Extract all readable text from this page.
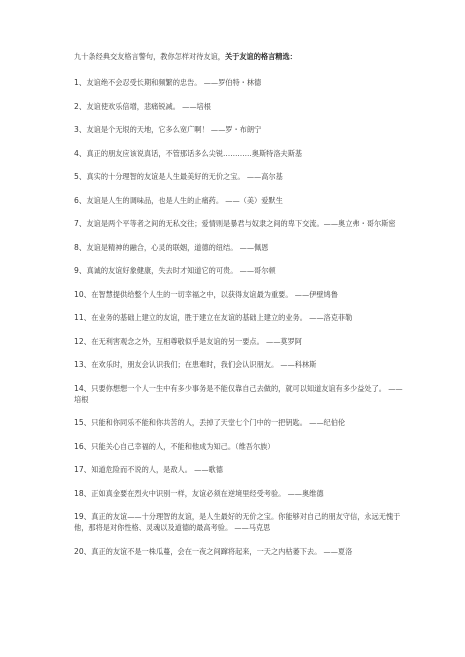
九十条经典交友格言警句，教你怎样对待友谊，关于友谊的格言精选：

1、友谊绝不会忍受长期和频繁的忠告。 ——罗伯特・林德

2、友谊使欢乐倍增，悲痛锐减。 ——培根

3、友谊是个无垠的天地，它多么宽广啊！ ——罗・布朗宁

4、真正的朋友应该说真话，不管那话多么尖锐…………奥斯特洛夫斯基

5、真实的十分理智的友谊是人生最美好的无价之宝。 ——高尔基

6、友谊是人生的调味品，也是人生的止痛药。 ——（美）爱默生

7、友谊是两个平等者之间的无私交往；爱情则是暴君与奴隶之间的卑下交流。——奥立弗・哥尔斯密

8、友谊是精神的融合，心灵的联姻，道德的纽结。 ——佩恩

9、真诚的友谊好象健康，失去时才知道它的可贵。 ——哥尔顿

10、在智慧提供给整个人生的一切幸福之中，以获得友谊最为重要。 ——伊壁鸠鲁

11、在业务的基础上建立的友谊，胜于建立在友谊的基础上建立的业务。 ——洛克菲勒

12、在无利害观念之外，互相尊敬似乎是友谊的另一要点。 ——莫罗阿

13、在欢乐时，朋友会认识我们；在患难时，我们会认识朋友。 ——科林斯

14、只要你想想一个人一生中有多少事务是不能仅靠自己去做的，就可以知道友谊有多少益处了。 ——培根

15、只能和你同乐不能和你共苦的人，丢掉了天堂七个门中的一把钥匙。 ——纪伯伦

16、只能关心自己幸福的人，不能和他成为知己。（维吾尔族）

17、知道危险而不说的人，是敌人。 ——歌德

18、正如真金要在烈火中识别一样，友谊必须在逆境里经受考验。 ——奥维德

19、真正的友谊——十分理智的友谊，是人生最好的无价之宝。你能够对自己的朋友守信，永远无愧于他，那将是对你性格、灵魂以及道德的最高考验。 ——马克思

20、真正的友谊不是一株瓜蔓，会在一夜之间蹿将起来，一天之内枯萎下去。 ——夏洛
